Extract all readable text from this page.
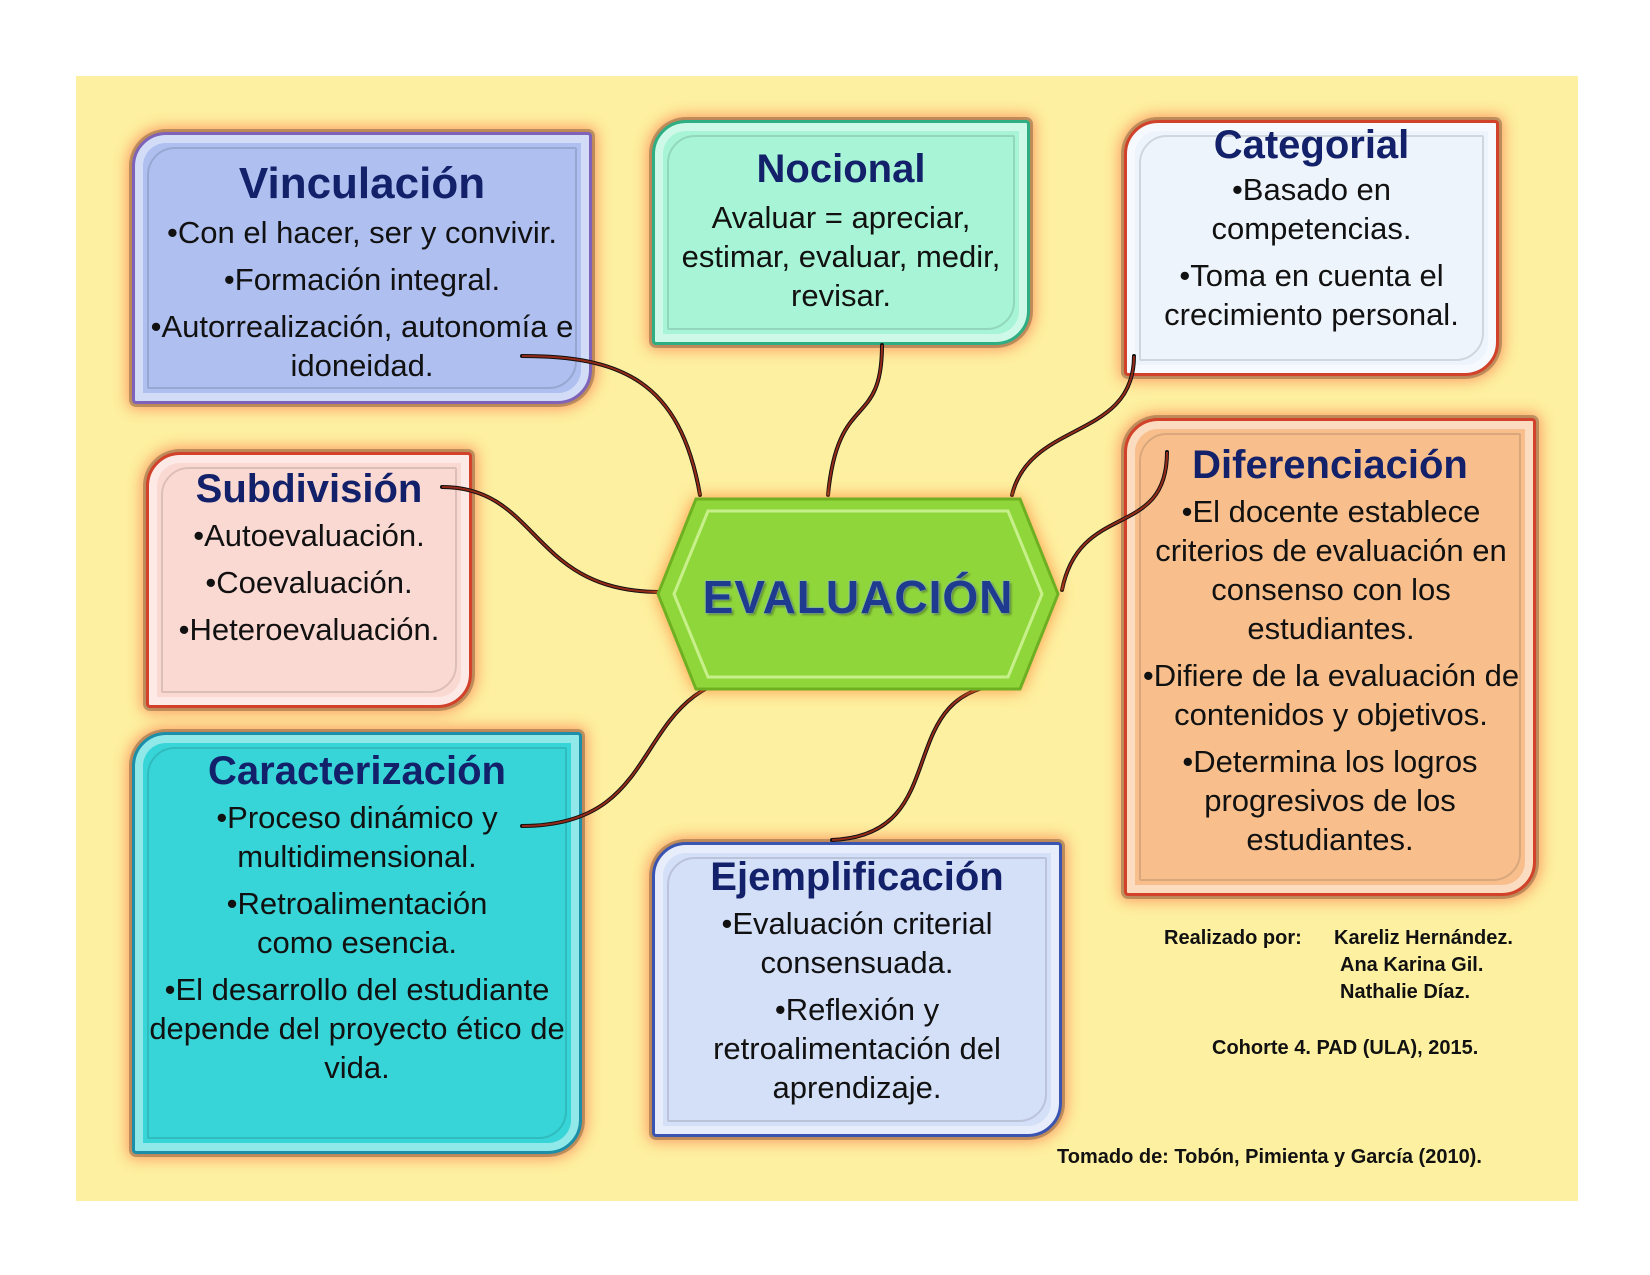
EVALUACIÓN
Vinculación
•Con el hacer, ser y convivir.
•Formación integral.
•Autorrealización, autonomía e idoneidad.
Nocional
Avaluar = apreciar, estimar, evaluar, medir, revisar.
Categorial
•Basado en competencias.
•Toma en cuenta el crecimiento personal.
Subdivisión
•Autoevaluación.
•Coevaluación.
•Heteroevaluación.
Diferenciación
•El docente establece criterios de evaluación en consenso con los estudiantes.
•Difiere de la evaluación de contenidos y objetivos.
•Determina los logros progresivos de los estudiantes.
Caracterización
•Proceso dinámico y multidimensional.
•Retroalimentación como esencia.
•El desarrollo del estudiante depende del proyecto ético de vida.
Ejemplificación
•Evaluación criterial consensuada.
•Reflexión y retroalimentación del aprendizaje.
Realizado por: Kareliz Hernández.
Ana Karina Gil.
Nathalie Díaz.
Cohorte 4. PAD (ULA), 2015.
Tomado de: Tobón, Pimienta y García (2010).
